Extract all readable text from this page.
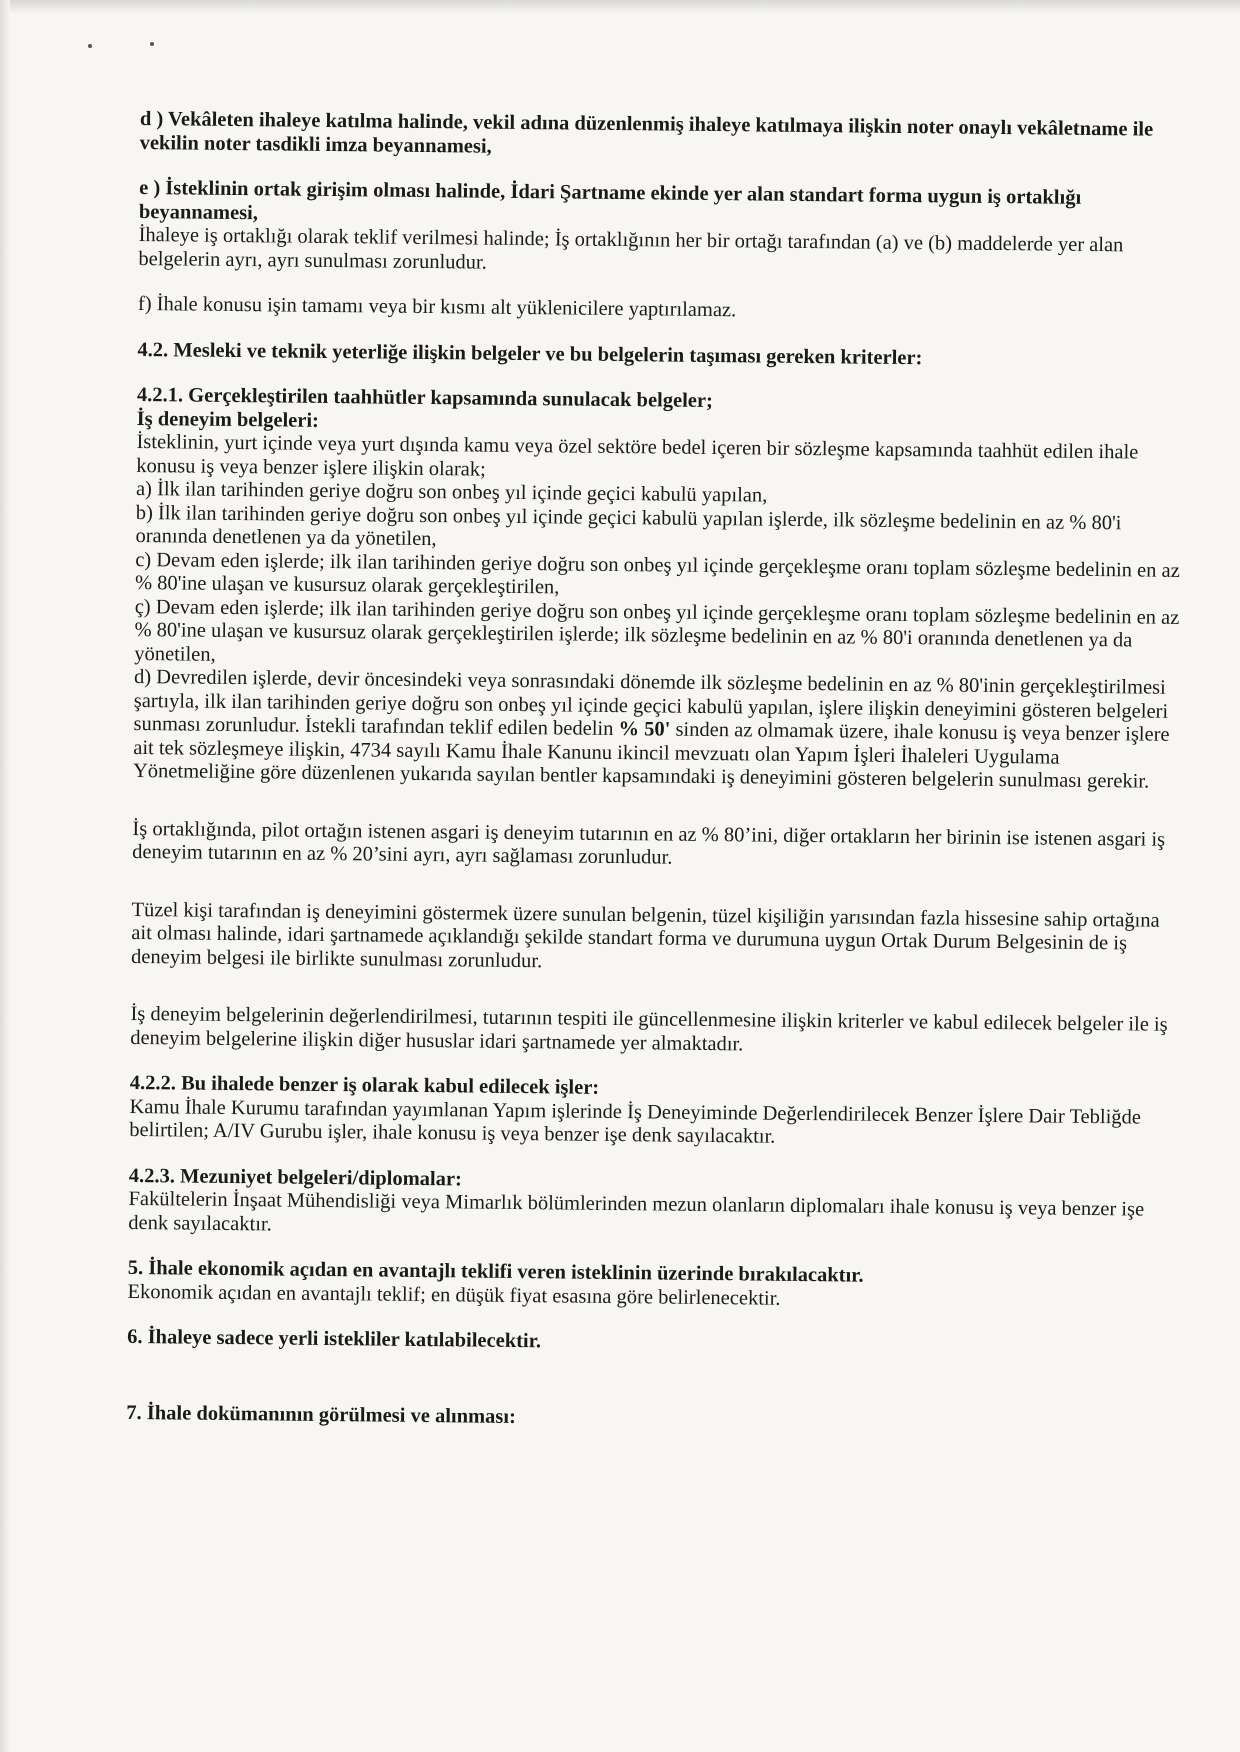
d ) Vekâleten ihaleye katılma halinde, vekil adına düzenlenmiş ihaleye katılmaya ilişkin noter onaylı vekâletname ile vekilin noter tasdikli imza beyannamesi,

e ) İsteklinin ortak girişim olması halinde, İdari Şartname ekinde yer alan standart forma uygun iş ortaklığı beyannamesi,

İhaleye iş ortaklığı olarak teklif verilmesi halinde; İş ortaklığının her bir ortağı tarafından (a) ve (b) maddelerde yer alan belgelerin ayrı, ayrı sunulması zorunludur.

f) İhale konusu işin tamamı veya bir kısmı alt yüklenicilere yaptırılamaz.

4.2. Mesleki ve teknik yeterliğe ilişkin belgeler ve bu belgelerin taşıması gereken kriterler:

4.2.1. Gerçekleştirilen taahhütler kapsamında sunulacak belgeler;

İş deneyim belgeleri:

İsteklinin, yurt içinde veya yurt dışında kamu veya özel sektöre bedel içeren bir sözleşme kapsamında taahhüt edilen ihale konusu iş veya benzer işlere ilişkin olarak;

a) İlk ilan tarihinden geriye doğru son onbeş yıl içinde geçici kabulü yapılan,

b) İlk ilan tarihinden geriye doğru son onbeş yıl içinde geçici kabulü yapılan işlerde, ilk sözleşme bedelinin en az % 80'i oranında denetlenen ya da yönetilen,

c) Devam eden işlerde; ilk ilan tarihinden geriye doğru son onbeş yıl içinde gerçekleşme oranı toplam sözleşme bedelinin en az % 80'ine ulaşan ve kusursuz olarak gerçekleştirilen,

ç) Devam eden işlerde; ilk ilan tarihinden geriye doğru son onbeş yıl içinde gerçekleşme oranı toplam sözleşme bedelinin en az % 80'ine ulaşan ve kusursuz olarak gerçekleştirilen işlerde; ilk sözleşme bedelinin en az % 80'i oranında denetlenen ya da yönetilen,

d) Devredilen işlerde, devir öncesindeki veya sonrasındaki dönemde ilk sözleşme bedelinin en az % 80'inin gerçekleştirilmesi şartıyla, ilk ilan tarihinden geriye doğru son onbeş yıl içinde geçici kabulü yapılan, işlere ilişkin deneyimini gösteren belgeleri sunması zorunludur. İstekli tarafından teklif edilen bedelin % 50' sinden az olmamak üzere, ihale konusu iş veya benzer işlere ait tek sözleşmeye ilişkin, 4734 sayılı Kamu İhale Kanunu ikincil mevzuatı olan Yapım İşleri İhaleleri Uygulama Yönetmeliğine göre düzenlenen yukarıda sayılan bentler kapsamındaki iş deneyimini gösteren belgelerin sunulması gerekir.

İş ortaklığında, pilot ortağın istenen asgari iş deneyim tutarının en az % 80’ini, diğer ortakların her birinin ise istenen asgari iş deneyim tutarının en az % 20’sini ayrı, ayrı sağlaması zorunludur.

Tüzel kişi tarafından iş deneyimini göstermek üzere sunulan belgenin, tüzel kişiliğin yarısından fazla hissesine sahip ortağına ait olması halinde, idari şartnamede açıklandığı şekilde standart forma ve durumuna uygun Ortak Durum Belgesinin de iş deneyim belgesi ile birlikte sunulması zorunludur.

İş deneyim belgelerinin değerlendirilmesi, tutarının tespiti ile güncellenmesine ilişkin kriterler ve kabul edilecek belgeler ile iş deneyim belgelerine ilişkin diğer hususlar idari şartnamede yer almaktadır.

4.2.2. Bu ihalede benzer iş olarak kabul edilecek işler:

Kamu İhale Kurumu tarafından yayımlanan Yapım işlerinde İş Deneyiminde Değerlendirilecek Benzer İşlere Dair Tebliğde belirtilen; A/IV Gurubu işler, ihale konusu iş veya benzer işe denk sayılacaktır.

4.2.3. Mezuniyet belgeleri/diplomalar:

Fakültelerin İnşaat Mühendisliği veya Mimarlık bölümlerinden mezun olanların diplomaları ihale konusu iş veya benzer işe denk sayılacaktır.

5. İhale ekonomik açıdan en avantajlı teklifi veren isteklinin üzerinde bırakılacaktır.

Ekonomik açıdan en avantajlı teklif; en düşük fiyat esasına göre belirlenecektir.

6. İhaleye sadece yerli istekliler katılabilecektir.

7. İhale dokümanının görülmesi ve alınması:
